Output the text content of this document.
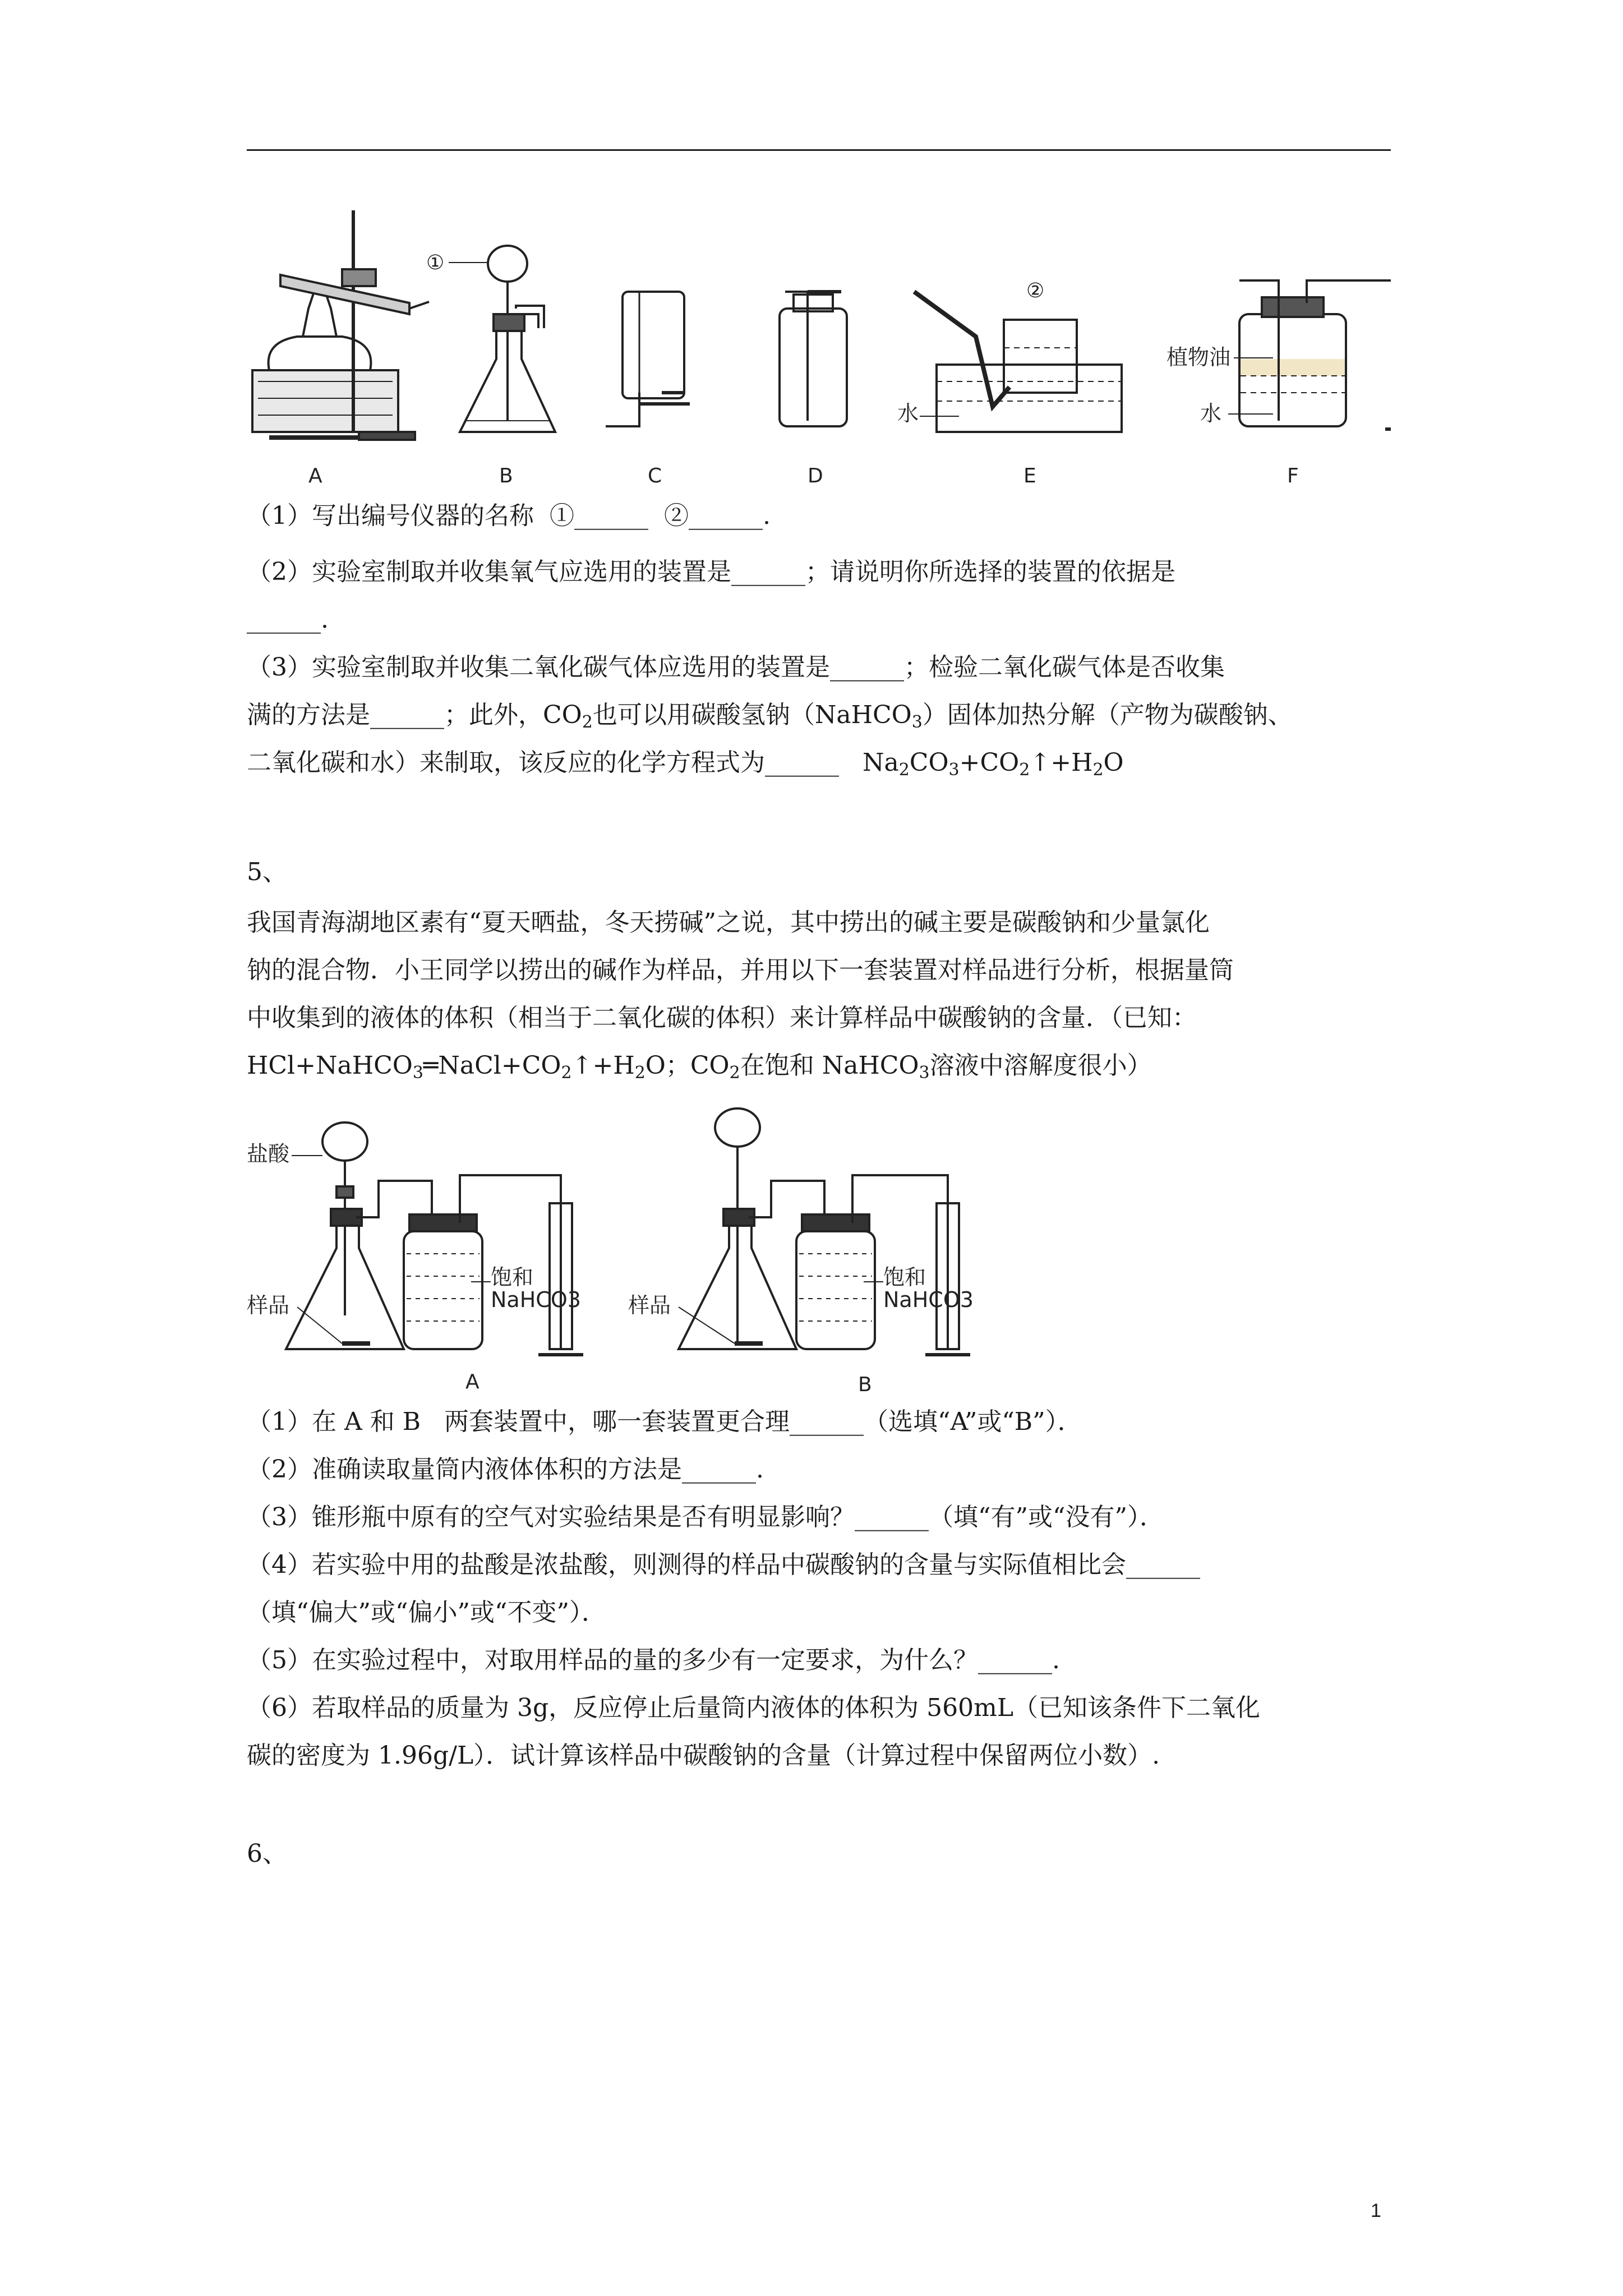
A
①
B	C	D
②
水
E
植物油
水
F
（1）写出编号仪器的名称  ①______  ②______.
（2）实验室制取并收集氧气应选用的装置是______；请说明你所选择的装置的依据是
______.
（3）实验室制取并收集二氧化碳气体应选用的装置是______；检验二氧化碳气体是否收集
满的方法是______；此外，$CO_2$也可以用碳酸氢钠（NaHCO$_3$）固体加热分解（产物为碳酸钠、
二氧化碳和水）来制取，该反应的化学方程式为______   $Na_2CO_3+CO_2↑+H_2O$
5、
我国青海湖地区素有“夏天晒盐，冬天捞碱”之说，其中捞出的碱主要是碳酸钠和少量氯化
钠的混合物．小王同学以捞出的碱作为样品，并用以下一套装置对样品进行分析，根据量筒
中收集到的液体的体积（相当于二氧化碳的体积）来计算样品中碳酸钠的含量．（已知：
$HCl+NaHCO_3═NaCl+CO_2↑+H_2O$；$CO_2$在饱和 NaHCO$_3$溶液中溶解度很小）
盐酸
样品
饱和
NaHCO3
A
样品
饱和
NaHCO3
B
（1）在 A 和 B   两套装置中，哪一套装置更合理______（选填“A”或“B”）．
（2）准确读取量筒内液体体积的方法是______.
（3）锥形瓶中原有的空气对实验结果是否有明显影响？______（填“有”或“没有”）．
（4）若实验中用的盐酸是浓盐酸，则测得的样品中碳酸钠的含量与实际值相比会______
（填“偏大”或“偏小”或“不变”）．
（5）在实验过程中，对取用样品的量的多少有一定要求，为什么？______.
（6）若取样品的质量为 3g，反应停止后量筒内液体的体积为 560mL（已知该条件下二氧化
碳的密度为 1.96g/L）．试计算该样品中碳酸钠的含量（计算过程中保留两位小数）.
6、
1
